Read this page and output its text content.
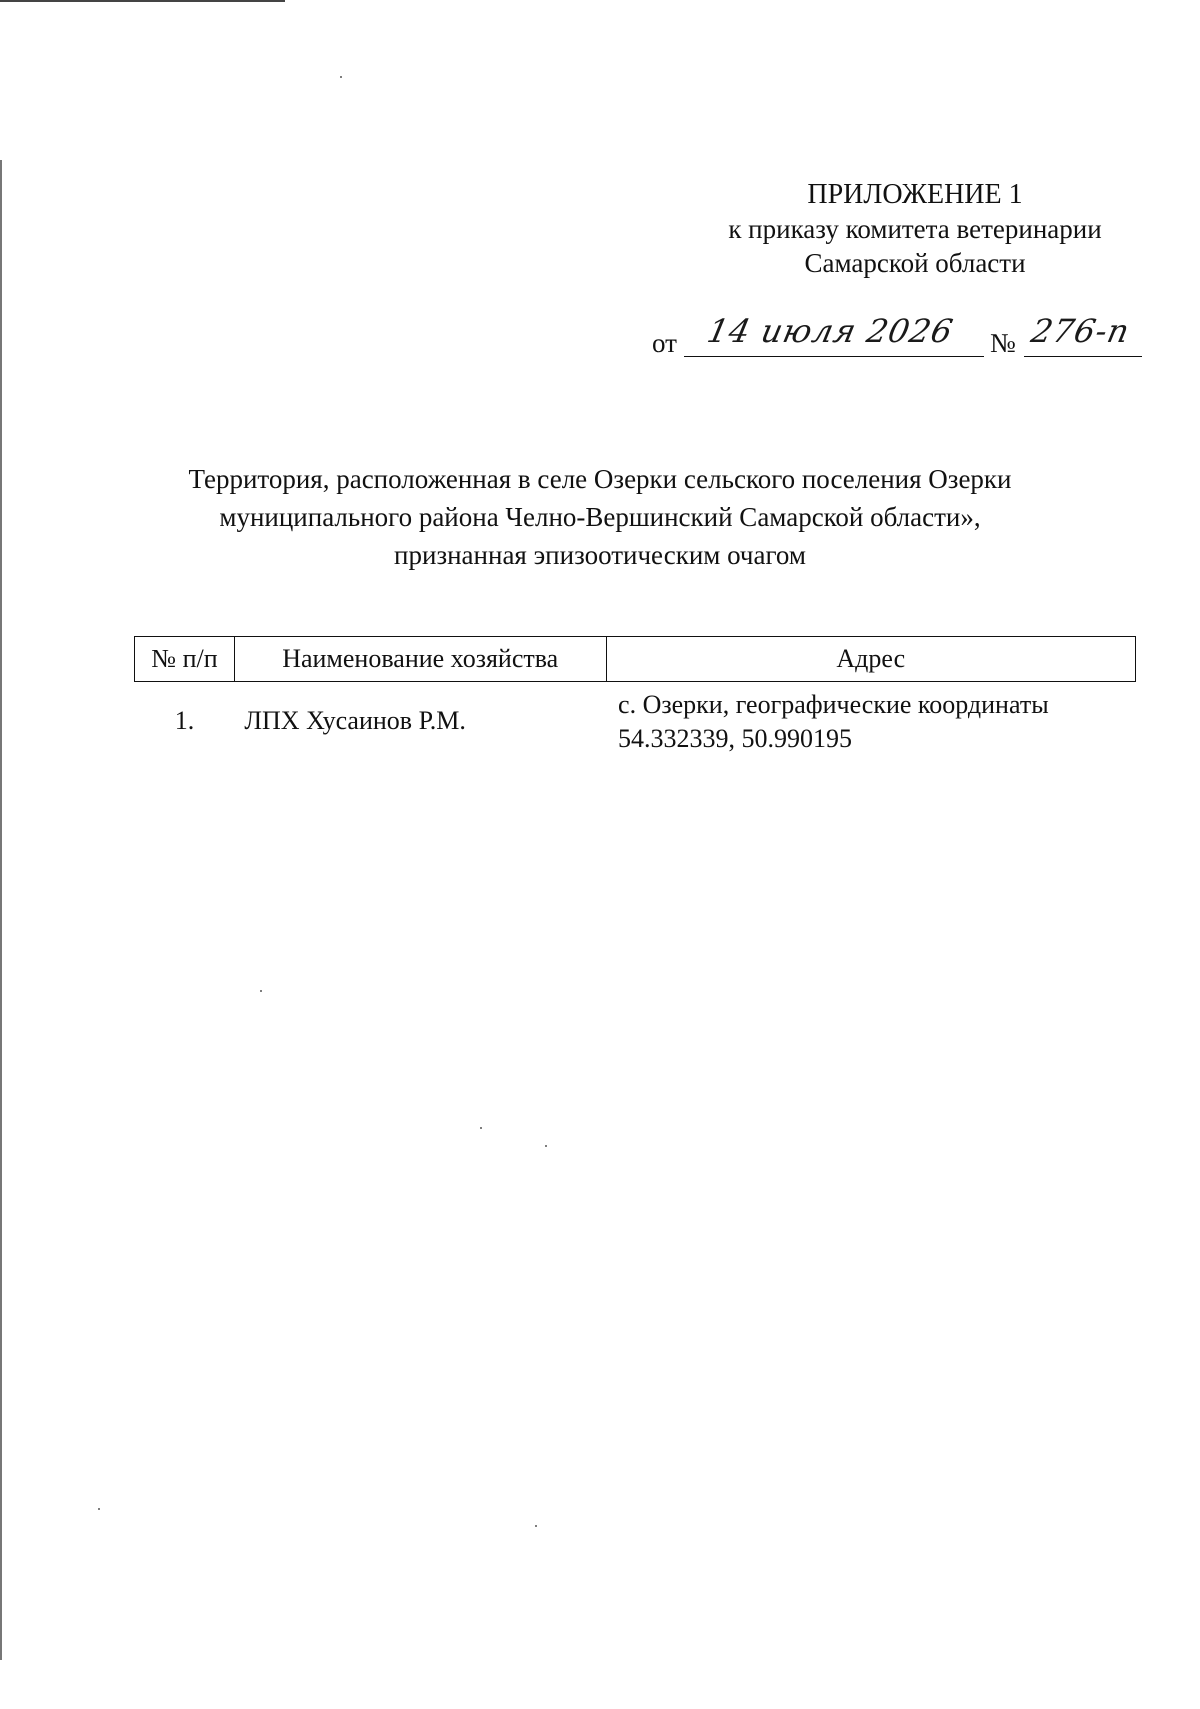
ПРИЛОЖЕНИЕ 1
к приказу комитета ветеринарии
Самарской области
от 14 июля 2026 № 276-п
Территория, расположенная в селе Озерки сельского поселения Озерки
муниципального района Челно-Вершинский Самарской области»,
признанная эпизоотическим очагом
№ п/п	Наименование хозяйства	Адрес
1.	ЛПХ Хусаинов Р.М.	с. Озерки, географические координаты
54.332339, 50.990195
